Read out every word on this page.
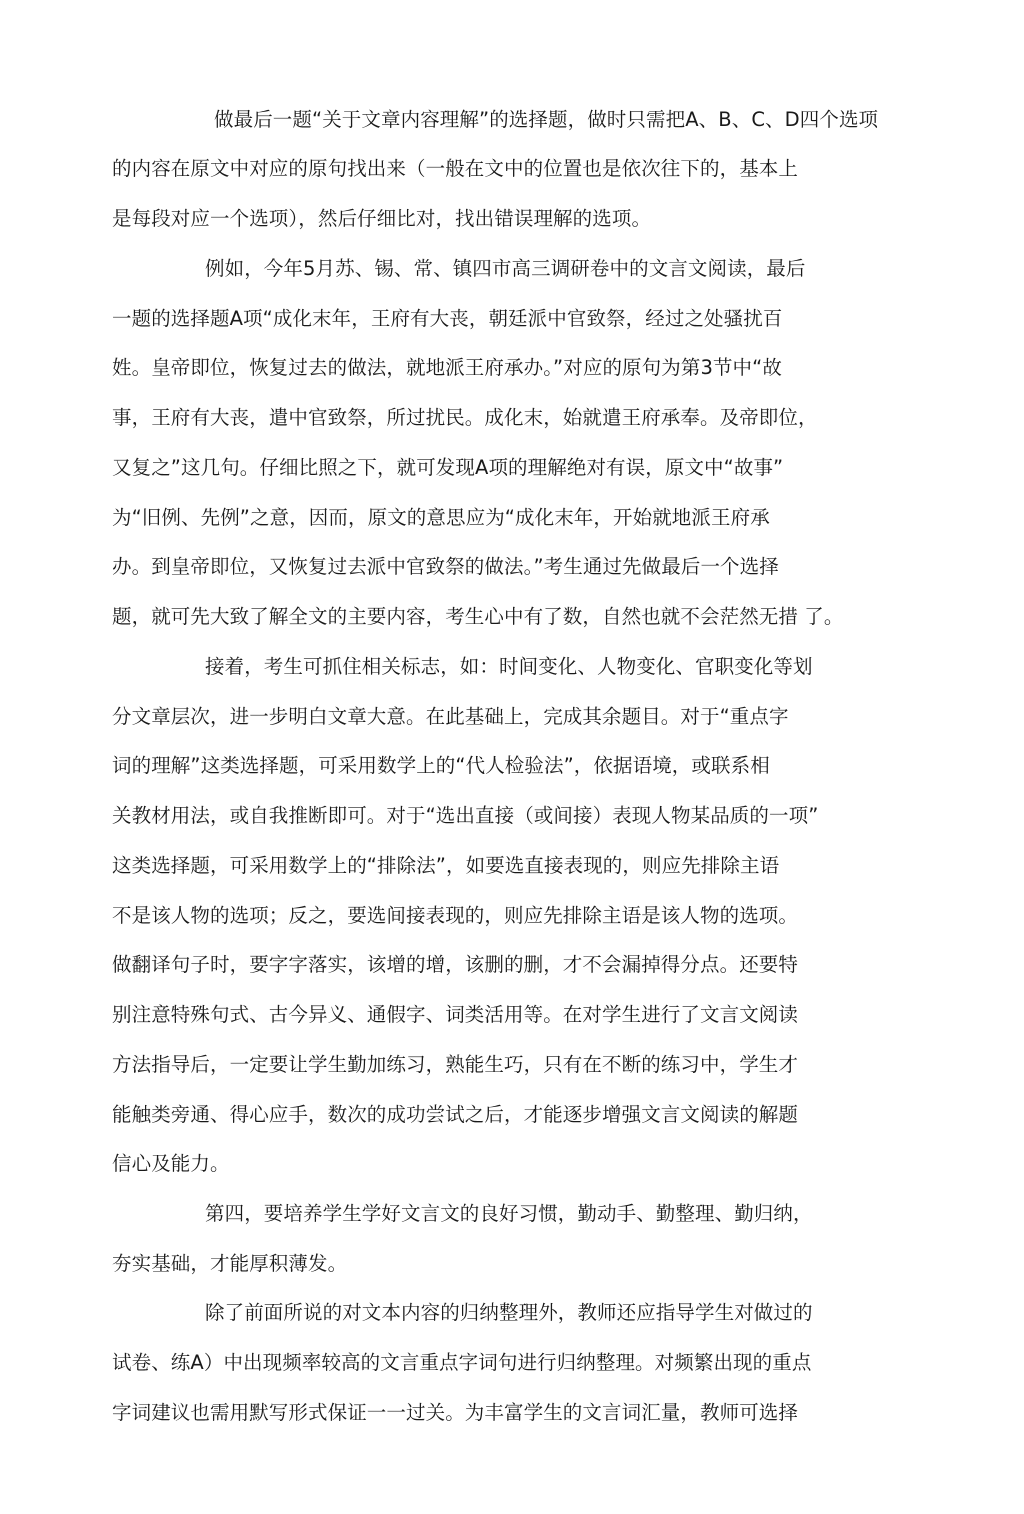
做最后一题“关于文章内容理解”的选择题，做时只需把A、B、C、D四个选项
的内容在原文中对应的原句找出来（一般在文中的位置也是依次往下的，基本上
是每段对应一个选项），然后仔细比对，找出错误理解的选项。
例如，今年5月苏、锡、常、镇四市高三调研卷中的文言文阅读，最后
一题的选择题A项“成化末年，王府有大丧，朝廷派中官致祭，经过之处骚扰百
姓。皇帝即位，恢复过去的做法，就地派王府承办。”对应的原句为第3节中“故
事，王府有大丧，遣中官致祭，所过扰民。成化末，始就遣王府承奉。及帝即位，
又复之”这几句。仔细比照之下，就可发现A项的理解绝对有误，原文中“故事”
为“旧例、先例”之意，因而，原文的意思应为“成化末年，开始就地派王府承
办。到皇帝即位，又恢复过去派中官致祭的做法。”考生通过先做最后一个选择
题，就可先大致了解全文的主要内容，考生心中有了数，自然也就不会茫然无措 了。
接着，考生可抓住相关标志，如：时间变化、人物变化、官职变化等划
分文章层次，进一步明白文章大意。在此基础上，完成其余题目。对于“重点字
词的理解”这类选择题，可采用数学上的“代人检验法”，依据语境，或联系相
关教材用法，或自我推断即可。对于“选出直接（或间接）表现人物某品质的一项”
这类选择题，可采用数学上的“排除法”，如要选直接表现的，则应先排除主语
不是该人物的选项；反之，要选间接表现的，则应先排除主语是该人物的选项。
做翻译句子时，要字字落实，该增的增，该删的删，才不会漏掉得分点。还要特
别注意特殊句式、古今异义、通假字、词类活用等。在对学生进行了文言文阅读
方法指导后，一定要让学生勤加练习，熟能生巧，只有在不断的练习中，学生才
能触类旁通、得心应手，数次的成功尝试之后，才能逐步增强文言文阅读的解题
信心及能力。
第四，要培养学生学好文言文的良好习惯，勤动手、勤整理、勤归纳，
夯实基础，才能厚积薄发。
除了前面所说的对文本内容的归纳整理外，教师还应指导学生对做过的
试卷、练A）中出现频率较高的文言重点字词句进行归纳整理。对频繁出现的重点
字词建议也需用默写形式保证一一过关。为丰富学生的文言词汇量，教师可选择
